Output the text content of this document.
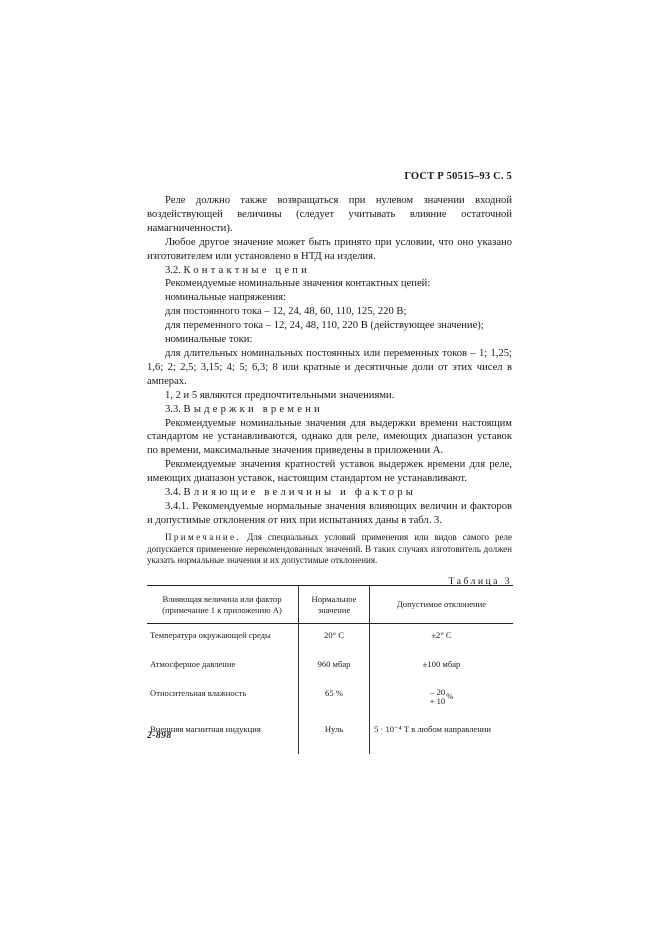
ГОСТ Р 50515–93 С. 5

Реле должно также возвращаться при нулевом значении входной воздействующей величины (следует учитывать влияние остаточной намагниченности).

Любое другое значение может быть принято при условии, что оно указано изготовителем или установлено в НТД на изделия.

3.2. Контактные цепи

Рекомендуемые номинальные значения контактных цепей:

номинальные напряжения:

для постоянного тока – 12, 24, 48, 60, 110, 125, 220 В;

для переменного тока – 12, 24, 48, 110, 220 В (действующее значение);

номинальные токи:

для длительных номинальных постоянных или переменных токов – 1; 1,25; 1,6; 2; 2,5; 3,15; 4; 5; 6,3; 8 или кратные и десятичные доли от этих чисел в амперах.

1, 2 и 5 являются предпочтительными значениями.

3.3. Выдержки времени

Рекомендуемые номинальные значения для выдержки времени настоящим стандартом не устанавливаются, однако для реле, имеющих диапазон уставок по времени, максимальные значения приведены в приложении А.

Рекомендуемые значения кратностей уставок выдержек времени для реле, имеющих диапазон уставок, настоящим стандартом не устанавливают.

3.4. Влияющие величины и факторы

3.4.1. Рекомендуемые нормальные значения влияющих величин и факторов и допустимые отклонения от них при испытаниях даны в табл. 3.

Примечание. Для специальных условий применения или видов самого реле допускается применение нерекомендованных значений. В таких случаях изготовитель должен указать нормальные значения и их допустимые отклонения.

Таблица 3

Влияющая величина или фактор (примечание 1 к приложению А)	Нормальное значение	Допустимое отклонение
Температура окружающей среды	20° С	±2° С
Атмосферное давление	960 мбар	±100 мбар
Относительная влажность	65 %	– 20
+ 10 %
Внешняя магнитная индукция	Нуль	5 · 10⁻⁴ Т в любом направлении
2-898
